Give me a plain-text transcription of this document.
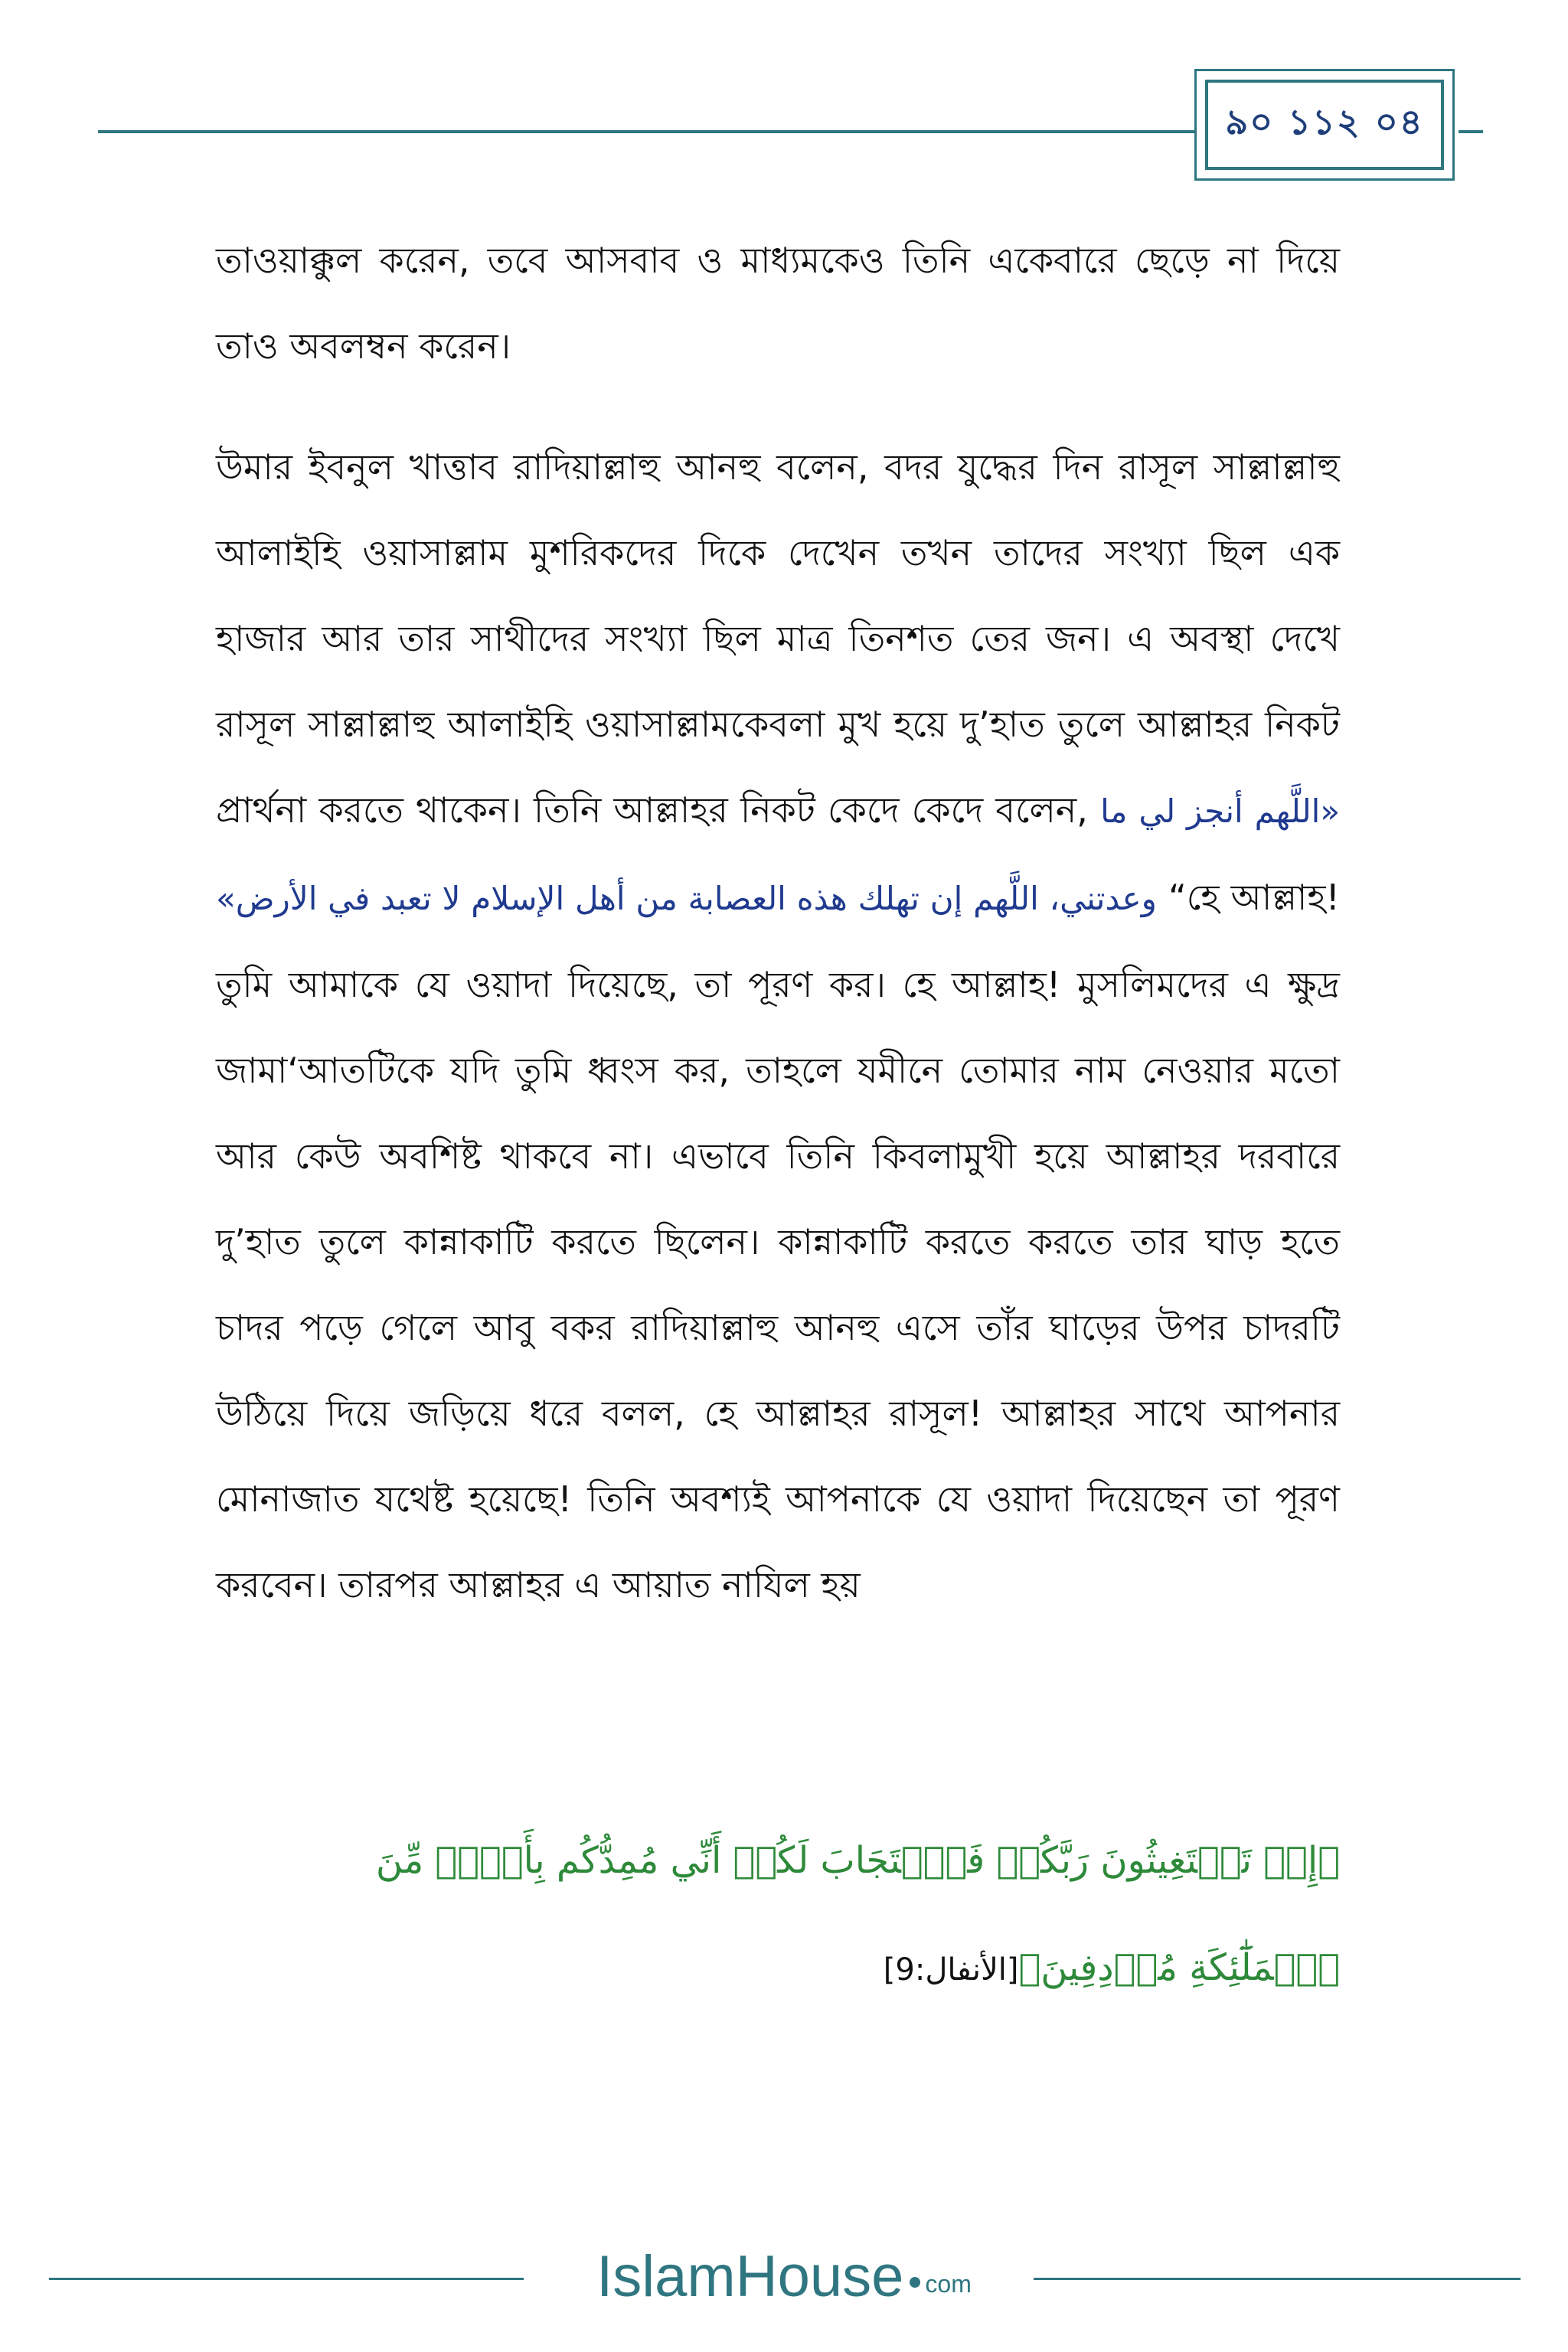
৯০ ১১২ ০৪
তাওয়াক্কুল করেন, তবে আসবাব ও মাধ্যমকেও তিনি একেবারে ছেড়ে না দিয়ে তাও অবলম্বন করেন।
উমার ইবনুল খাত্তাব রাদিয়াল্লাহু আনহু বলেন, বদর যুদ্ধের দিন রাসূল সাল্লাল্লাহু আলাইহি ওয়াসাল্লাম মুশরিকদের দিকে দেখেন তখন তাদের সংখ্যা ছিল এক হাজার আর তার সাথীদের সংখ্যা ছিল মাত্র তিনশত তের জন। এ অবস্থা দেখে রাসূল সাল্লাল্লাহু আলাইহি ওয়াসাল্লামকেবলা মুখ হয়ে দু’হাত তুলে আল্লাহর নিকট প্রার্থনা করতে থাকেন। তিনি আল্লাহর নিকট কেদে কেদে বলেন, «اللَّهم أنجز لي ما وعدتني، اللَّهم إن تهلك هذه العصابة من أهل الإسلام لا تعبد في الأرض» “হে আল্লাহ! তুমি আমাকে যে ওয়াদা দিয়েছে, তা পূরণ কর। হে আল্লাহ! মুসলিমদের এ ক্ষুদ্র জামা‘আতটিকে যদি তুমি ধ্বংস কর, তাহলে যমীনে তোমার নাম নেওয়ার মতো আর কেউ অবশিষ্ট থাকবে না। এভাবে তিনি কিবলামুখী হয়ে আল্লাহর দরবারে দু’হাত তুলে কান্নাকাটি করতে ছিলেন। কান্নাকাটি করতে করতে তার ঘাড় হতে চাদর পড়ে গেলে আবু বকর রাদিয়াল্লাহু আনহু এসে তাঁর ঘাড়ের উপর চাদরটি উঠিয়ে দিয়ে জড়িয়ে ধরে বলল, হে আল্লাহর রাসূল! আল্লাহর সাথে আপনার মোনাজাত যথেষ্ট হয়েছে! তিনি অবশ্যই আপনাকে যে ওয়াদা দিয়েছেন তা পূরণ করবেন। তারপর আল্লাহর এ আয়াত নাযিল হয়
﴿إِذۡ تَسۡتَغِيثُونَ رَبَّكُمۡ فَٱسۡتَجَابَ لَكُمۡ أَنِّي مُمِدُّكُم بِأَلۡفٖ مِّنَ ٱلۡمَلَٰٓئِكَةِ مُرۡدِفِينَ﴾[الأنفال:9]
IslamHouse com
